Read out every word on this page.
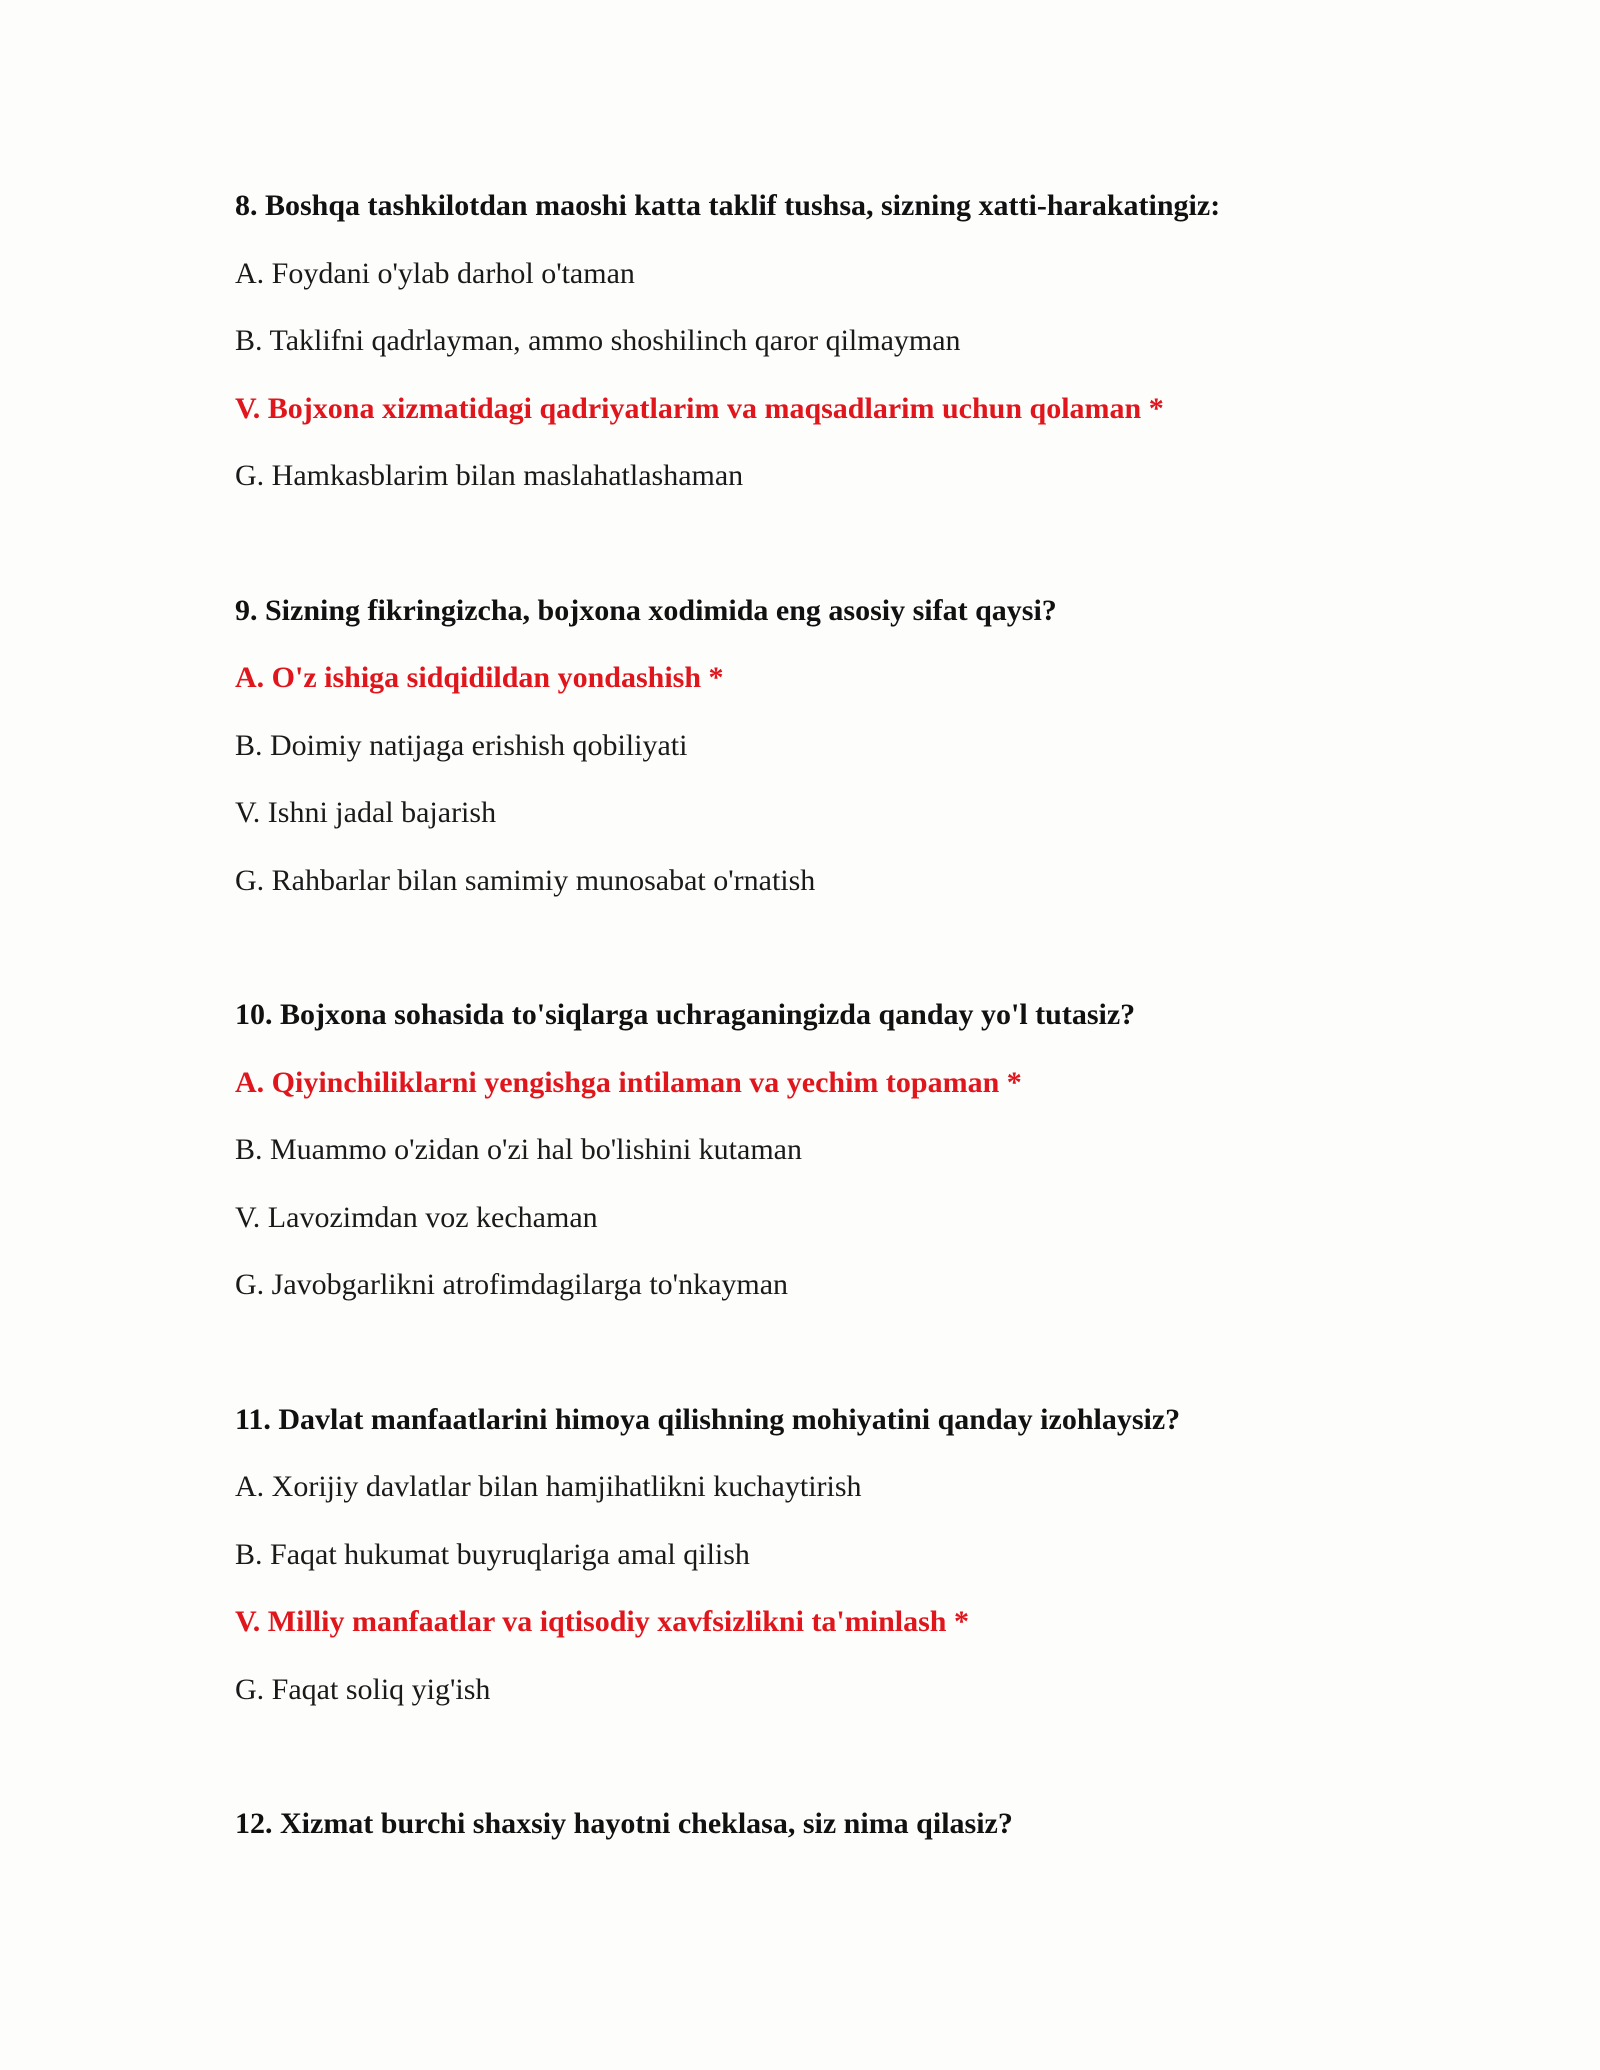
8. Boshqa tashkilotdan maoshi katta taklif tushsa, sizning xatti-harakatingiz:
A. Foydani o'ylab darhol o'taman
B. Taklifni qadrlayman, ammo shoshilinch qaror qilmayman
V. Bojxona xizmatidagi qadriyatlarim va maqsadlarim uchun qolaman *
G. Hamkasblarim bilan maslahatlashaman
9. Sizning fikringizcha, bojxona xodimida eng asosiy sifat qaysi?
A. O'z ishiga sidqidildan yondashish *
B. Doimiy natijaga erishish qobiliyati
V. Ishni jadal bajarish
G. Rahbarlar bilan samimiy munosabat o'rnatish
10. Bojxona sohasida to'siqlarga uchraganingizda qanday yo'l tutasiz?
A. Qiyinchiliklarni yengishga intilaman va yechim topaman *
B. Muammo o'zidan o'zi hal bo'lishini kutaman
V. Lavozimdan voz kechaman
G. Javobgarlikni atrofimdagilarga to'nkayman
11. Davlat manfaatlarini himoya qilishning mohiyatini qanday izohlaysiz?
A. Xorijiy davlatlar bilan hamjihatlikni kuchaytirish
B. Faqat hukumat buyruqlariga amal qilish
V. Milliy manfaatlar va iqtisodiy xavfsizlikni ta'minlash *
G. Faqat soliq yig'ish
12. Xizmat burchi shaxsiy hayotni cheklasa, siz nima qilasiz?
